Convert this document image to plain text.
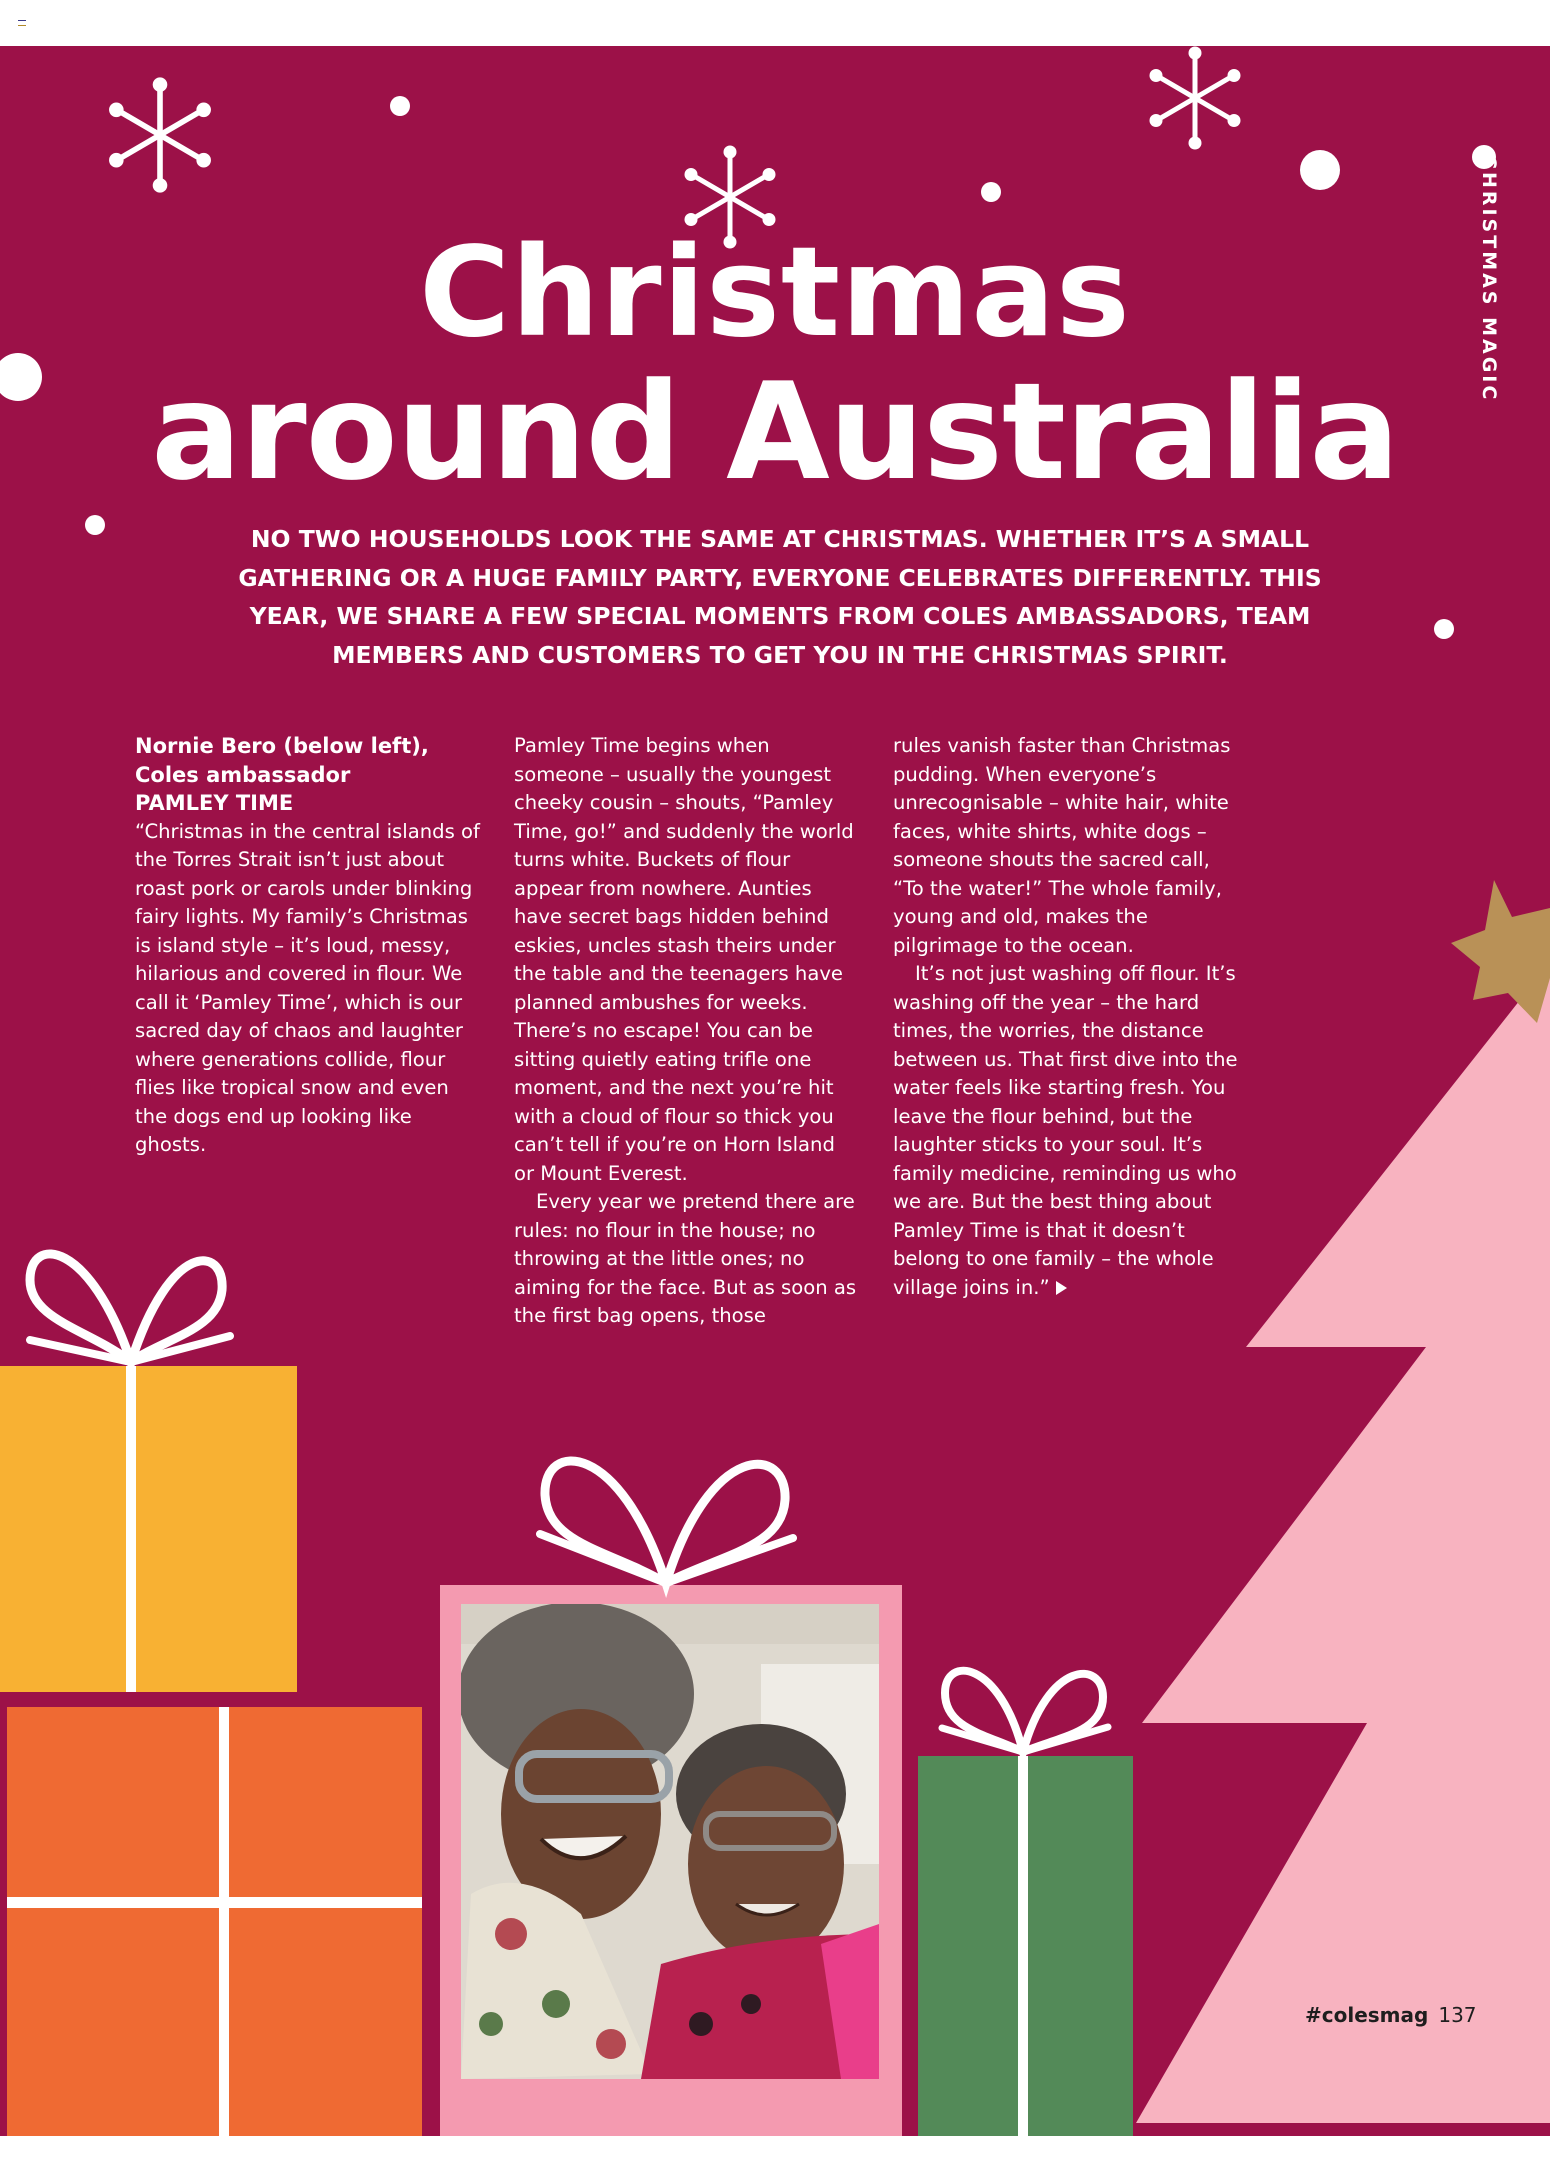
CHRISTMAS MAGIC
Christmas
around Australia
NO TWO HOUSEHOLDS LOOK THE SAME AT CHRISTMAS. WHETHER IT’S A SMALL GATHERING OR A HUGE FAMILY PARTY, EVERYONE CELEBRATES DIFFERENTLY. THIS YEAR, WE SHARE A FEW SPECIAL MOMENTS FROM COLES AMBASSADORS, TEAM MEMBERS AND CUSTOMERS TO GET YOU IN THE CHRISTMAS SPIRIT.

Nornie Bero (below left),
Coles ambassador

PAMLEY TIME

“Christmas in the central islands of the Torres Strait isn’t just about roast pork or carols under blinking fairy lights. My family’s Christmas is island style – it’s loud, messy, hilarious and covered in flour. We call it ‘Pamley Time’, which is our sacred day of chaos and laughter where generations collide, flour flies like tropical snow and even the dogs end up looking like ghosts.

Pamley Time begins when someone – usually the youngest cheeky cousin – shouts, “Pamley Time, go!” and suddenly the world turns white. Buckets of flour appear from nowhere. Aunties have secret bags hidden behind eskies, uncles stash theirs under the table and the teenagers have planned ambushes for weeks. There’s no escape! You can be sitting quietly eating trifle one moment, and the next you’re hit with a cloud of flour so thick you can’t tell if you’re on Horn Island or Mount Everest.

Every year we pretend there are rules: no flour in the house; no throwing at the little ones; no aiming for the face. But as soon as the first bag opens, those

rules vanish faster than Christmas pudding. When everyone’s unrecognisable – white hair, white faces, white shirts, white dogs – someone shouts the sacred call, “To the water!” The whole family, young and old, makes the pilgrimage to the ocean.

It’s not just washing off flour. It’s washing off the year – the hard times, the worries, the distance between us. That first dive into the water feels like starting fresh. You leave the flour behind, but the laughter sticks to your soul. It’s family medicine, reminding us who we are. But the best thing about Pamley Time is that it doesn’t belong to one family – the whole village joins in.”

#colesmag 137
